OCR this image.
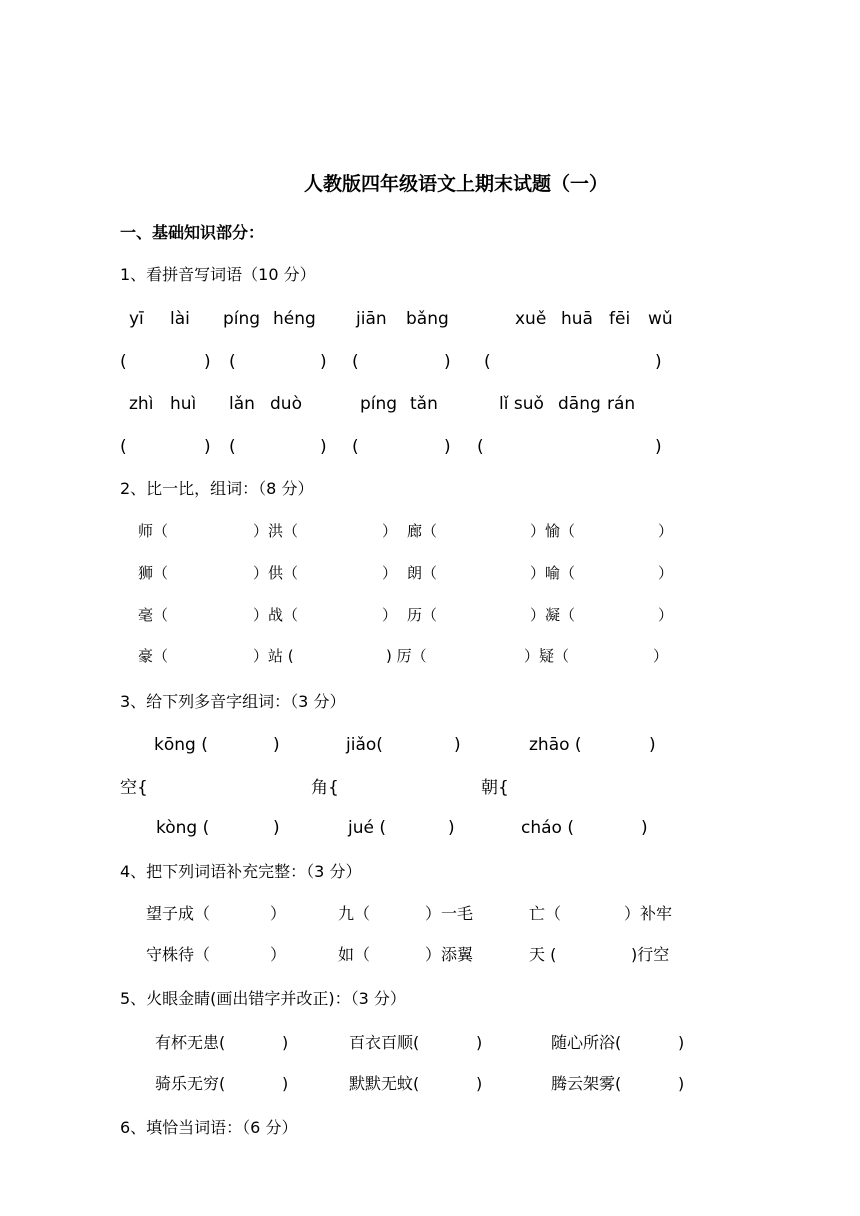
人教版四年级语文上期末试题（一）
一、基础知识部分：
1、看拼音写词语（10 分）
yī lài píng héng jiān bǎng	xuě huā fēi wǔ
(	) (	) (	) (	)
zhì huì lǎn duò	píng tǎn	lǐ suǒ dāng rán
(	) (	) (	) (	)
2、比一比，组词：（8 分）
师（	）洪（	） 廊（	）愉（	）
狮（	）供（	） 朗（	）喻（	）
毫（	）战（	） 历（	）凝（	）
豪（	）站 (	) 厉（	）疑（	）
3、给下列多音字组词：（3 分）
kōng (	)	jiǎo(	)	zhāo (	)
空{	角{	朝{
kòng (	)	jué (	)	cháo (	)
4、把下列词语补充完整：（3 分）
望子成（	）	九（	）一毛	亡（	）补牢
守株待（	）	如（	）添翼	天 (	)行空
5、火眼金睛(画出错字并改正)：（3 分）
有杯无患(	)	百衣百顺(	)	随心所浴(	)
骑乐无穷(	)	默默无蚊(	)	腾云架雾(	)
6、填恰当词语：（6 分）
